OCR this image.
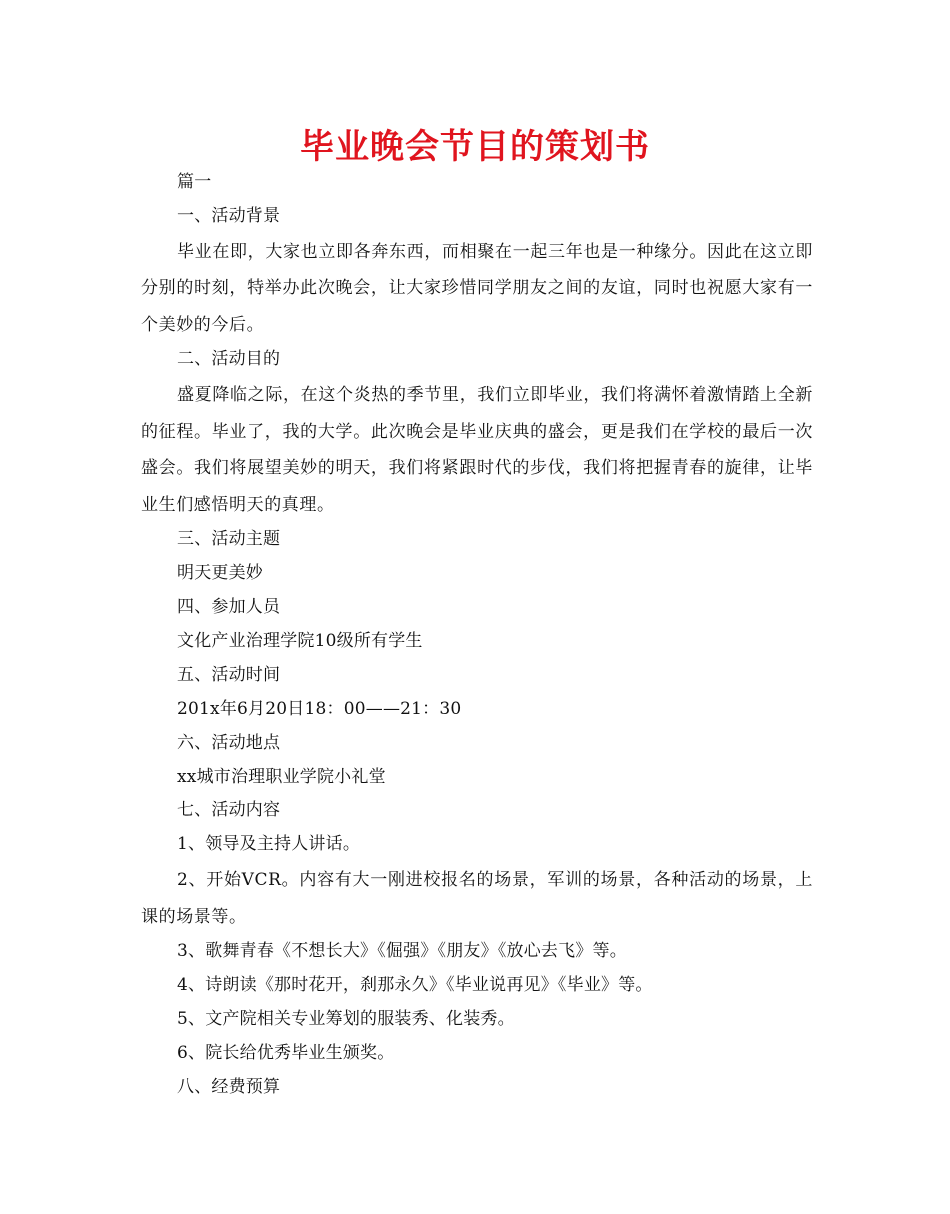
毕业晚会节目的策划书
篇一
一、活动背景

毕业在即，大家也立即各奔东西，而相聚在一起三年也是一种缘分。因此在这立即分别的时刻，特举办此次晚会，让大家珍惜同学朋友之间的友谊，同时也祝愿大家有一个美妙的今后。

二、活动目的

盛夏降临之际，在这个炎热的季节里，我们立即毕业，我们将满怀着激情踏上全新的征程。毕业了，我的大学。此次晚会是毕业庆典的盛会，更是我们在学校的最后一次盛会。我们将展望美妙的明天，我们将紧跟时代的步伐，我们将把握青春的旋律，让毕业生们感悟明天的真理。

三、活动主题
明天更美妙
四、参加人员
文化产业治理学院10级所有学生
五、活动时间
201x年6月20日18：00——21：30
六、活动地点
xx城市治理职业学院小礼堂
七、活动内容
1、领导及主持人讲话。

2、开始VCR。内容有大一刚进校报名的场景，军训的场景，各种活动的场景，上课的场景等。

3、歌舞青春《不想长大》《倔强》《朋友》《放心去飞》等。
4、诗朗读《那时花开，刹那永久》《毕业说再见》《毕业》等。
5、文产院相关专业筹划的服装秀、化装秀。
6、院长给优秀毕业生颁奖。
八、经费预算
